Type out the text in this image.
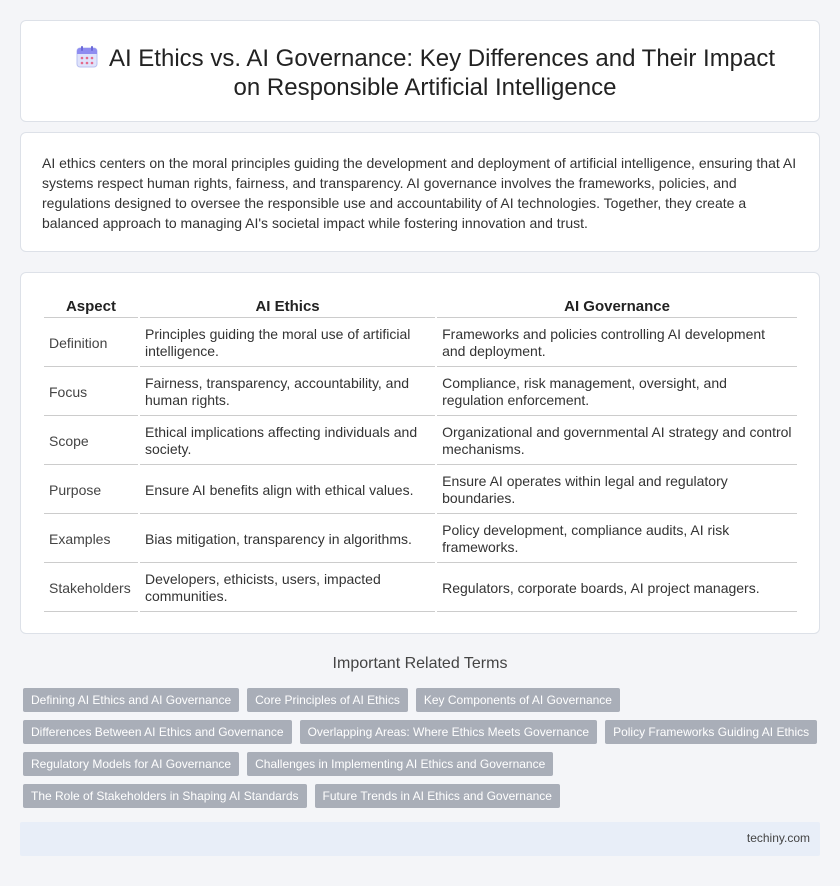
AI Ethics vs. AI Governance: Key Differences and Their Impact on Responsible Artificial Intelligence

AI ethics centers on the moral principles guiding the development and deployment of artificial intelligence, ensuring that AI systems respect human rights, fairness, and transparency. AI governance involves the frameworks, policies, and regulations designed to oversee the responsible use and accountability of AI technologies. Together, they create a balanced approach to managing AI's societal impact while fostering innovation and trust.

Aspect	AI Ethics	AI Governance
Definition	Principles guiding the moral use of artificial intelligence.	Frameworks and policies controlling AI development and deployment.
Focus	Fairness, transparency, accountability, and human rights.	Compliance, risk management, oversight, and regulation enforcement.
Scope	Ethical implications affecting individuals and society.	Organizational and governmental AI strategy and control mechanisms.
Purpose	Ensure AI benefits align with ethical values.	Ensure AI operates within legal and regulatory boundaries.
Examples	Bias mitigation, transparency in algorithms.	Policy development, compliance audits, AI risk frameworks.
Stakeholders	Developers, ethicists, users, impacted communities.	Regulators, corporate boards, AI project managers.
Important Related Terms
Defining AI Ethics and AI Governance	Core Principles of AI Ethics	Key Components of AI Governance
Differences Between AI Ethics and Governance	Overlapping Areas: Where Ethics Meets Governance	Policy Frameworks Guiding AI Ethics
Regulatory Models for AI Governance	Challenges in Implementing AI Ethics and Governance
The Role of Stakeholders in Shaping AI Standards	Future Trends in AI Ethics and Governance
techiny.com
